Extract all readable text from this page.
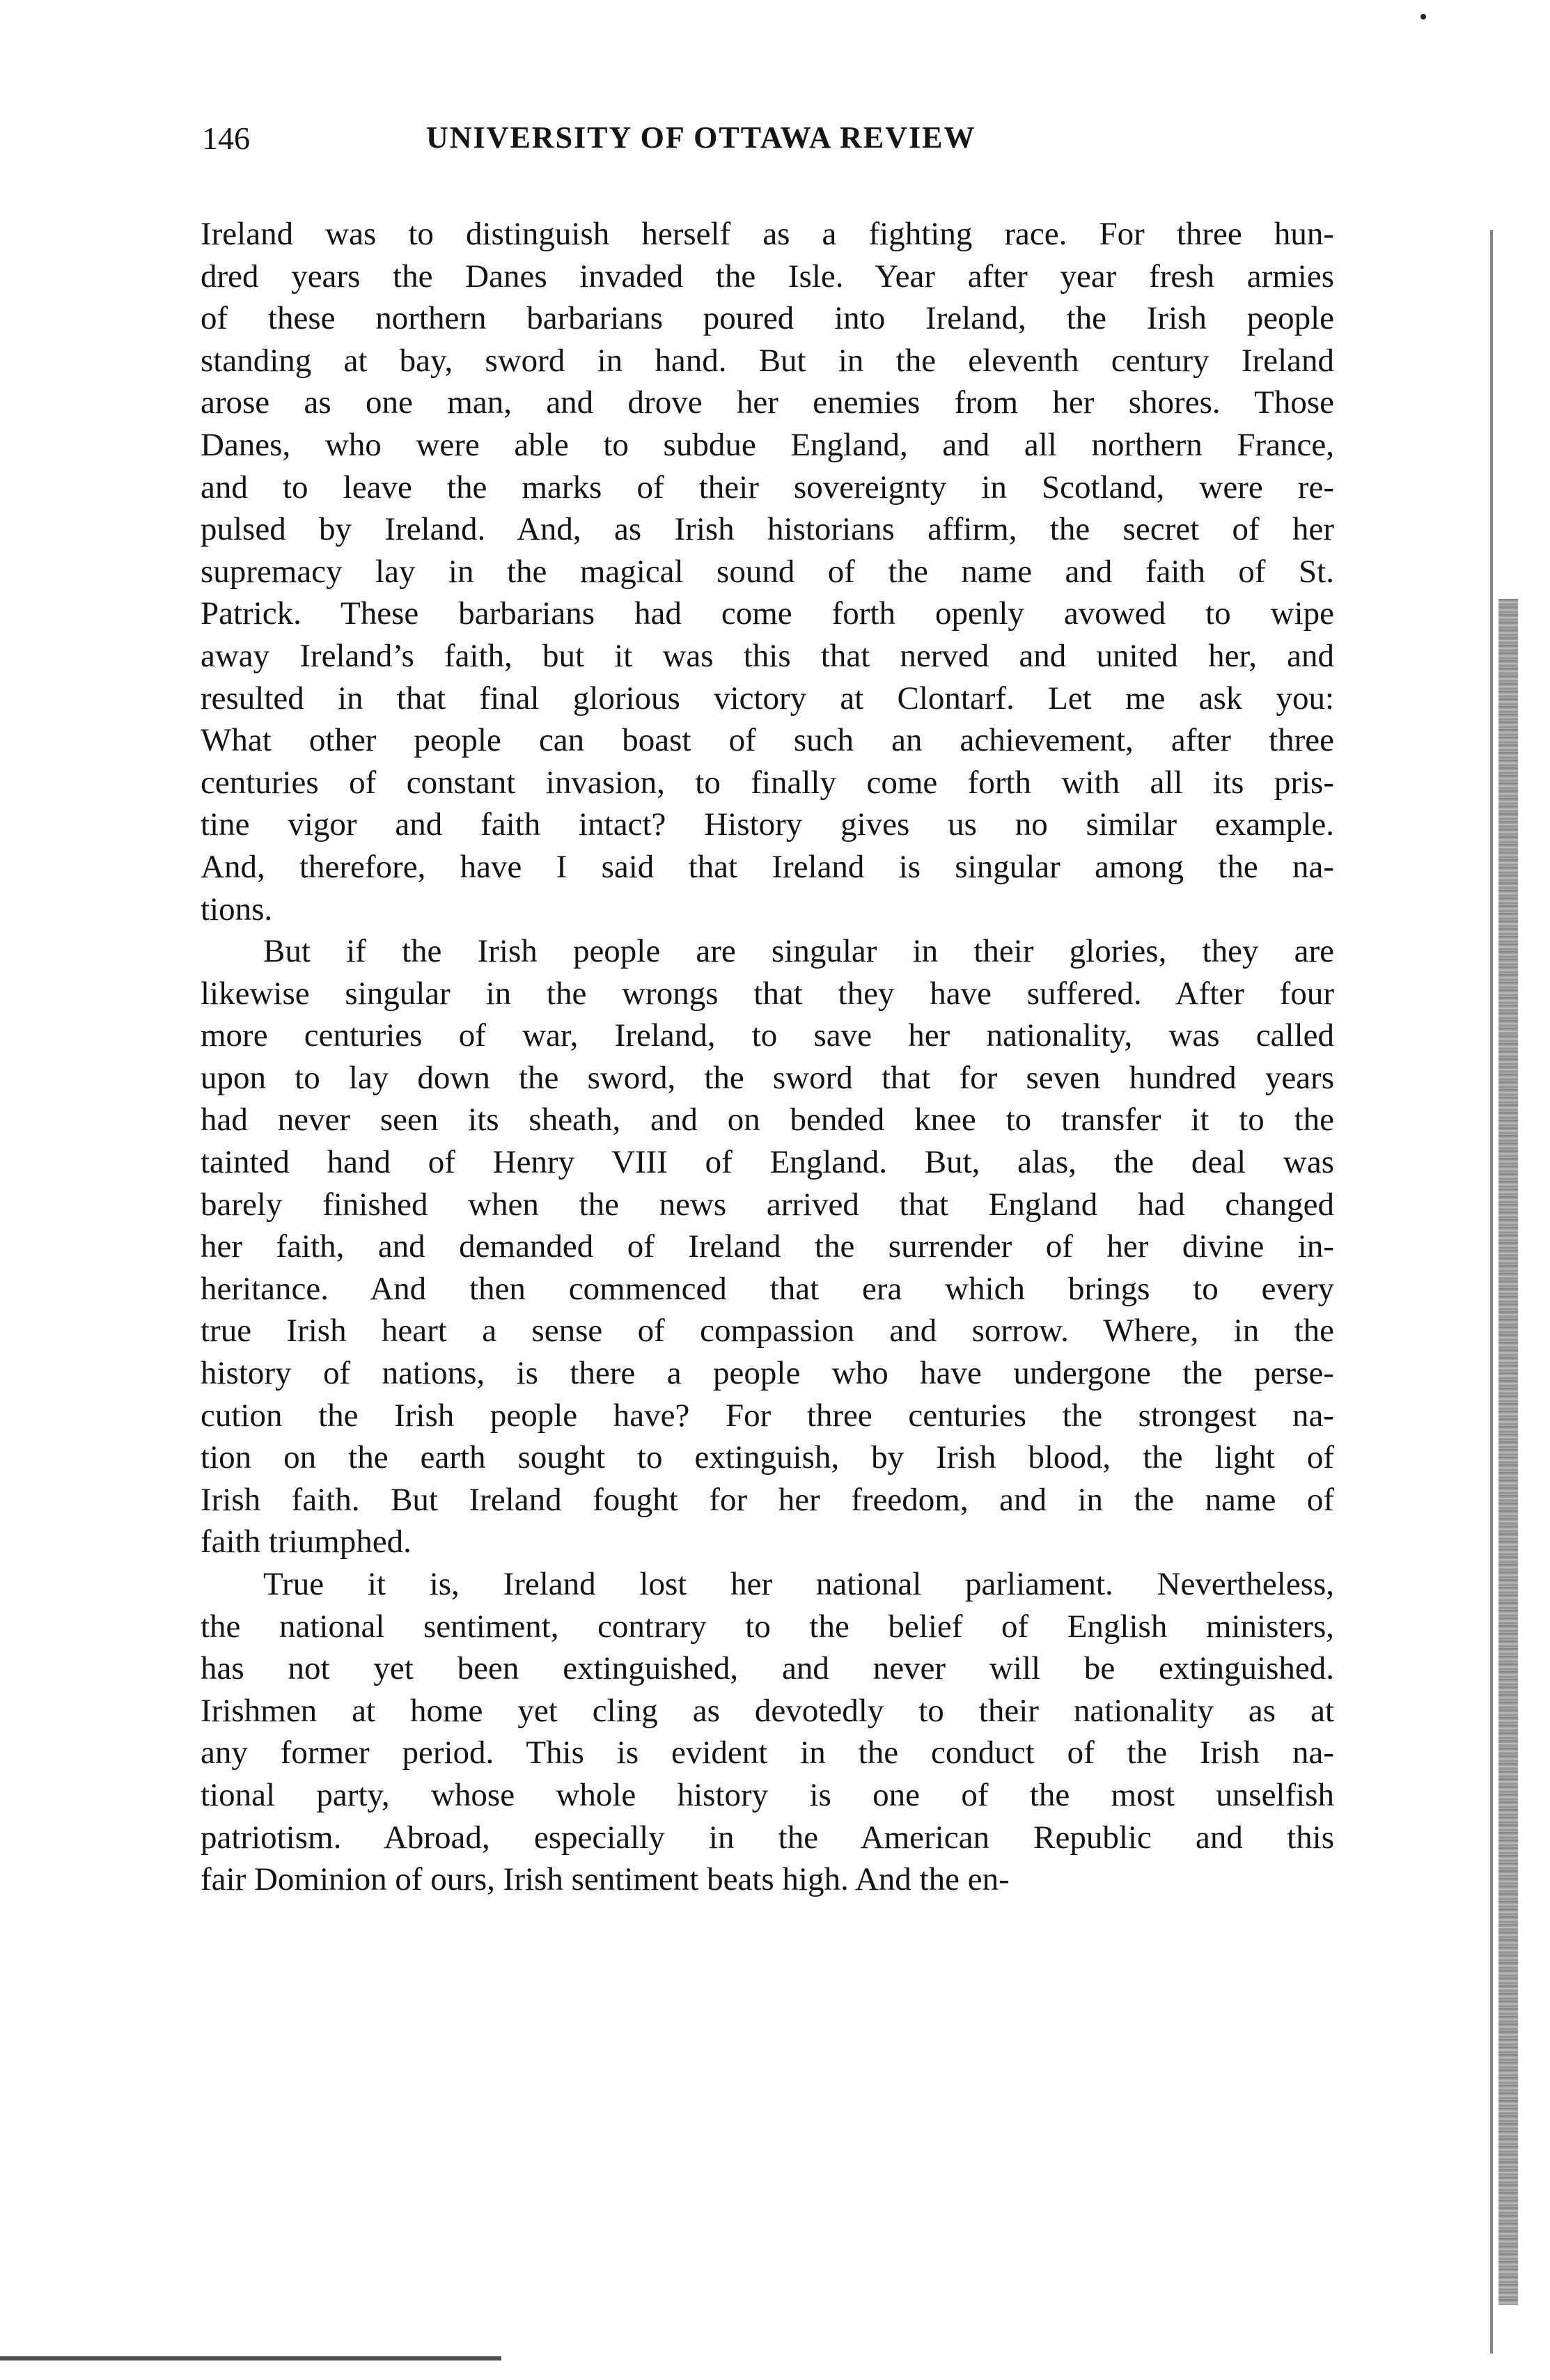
146	UNIVERSITY OF OTTAWA REVIEW

Ireland was to distinguish herself as a fighting race. For three hun-
dred years the Danes invaded the Isle. Year after year fresh armies
of these northern barbarians poured into Ireland, the Irish people
standing at bay, sword in hand. But in the eleventh century Ireland
arose as one man, and drove her enemies from her shores. Those
Danes, who were able to subdue England, and all northern France,
and to leave the marks of their sovereignty in Scotland, were re-
pulsed by Ireland. And, as Irish historians affirm, the secret of her
supremacy lay in the magical sound of the name and faith of St.
Patrick. These barbarians had come forth openly avowed to wipe
away Ireland’s faith, but it was this that nerved and united her, and
resulted in that final glorious victory at Clontarf. Let me ask you:
What other people can boast of such an achievement, after three
centuries of constant invasion, to finally come forth with all its pris-
tine vigor and faith intact? History gives us no similar example.
And, therefore, have I said that Ireland is singular among the na-
tions.

But if the Irish people are singular in their glories, they are
likewise singular in the wrongs that they have suffered. After four
more centuries of war, Ireland, to save her nationality, was called
upon to lay down the sword, the sword that for seven hundred years
had never seen its sheath, and on bended knee to transfer it to the
tainted hand of Henry VIII of England. But, alas, the deal was
barely finished when the news arrived that England had changed
her faith, and demanded of Ireland the surrender of her divine in-
heritance. And then commenced that era which brings to every
true Irish heart a sense of compassion and sorrow. Where, in the
history of nations, is there a people who have undergone the perse-
cution the Irish people have? For three centuries the strongest na-
tion on the earth sought to extinguish, by Irish blood, the light of
Irish faith. But Ireland fought for her freedom, and in the name of
faith triumphed.

True it is, Ireland lost her national parliament. Nevertheless,
the national sentiment, contrary to the belief of English ministers,
has not yet been extinguished, and never will be extinguished.
Irishmen at home yet cling as devotedly to their nationality as at
any former period. This is evident in the conduct of the Irish na-
tional party, whose whole history is one of the most unselfish
patriotism. Abroad, especially in the American Republic and this
fair Dominion of ours, Irish sentiment beats high. And the en-
